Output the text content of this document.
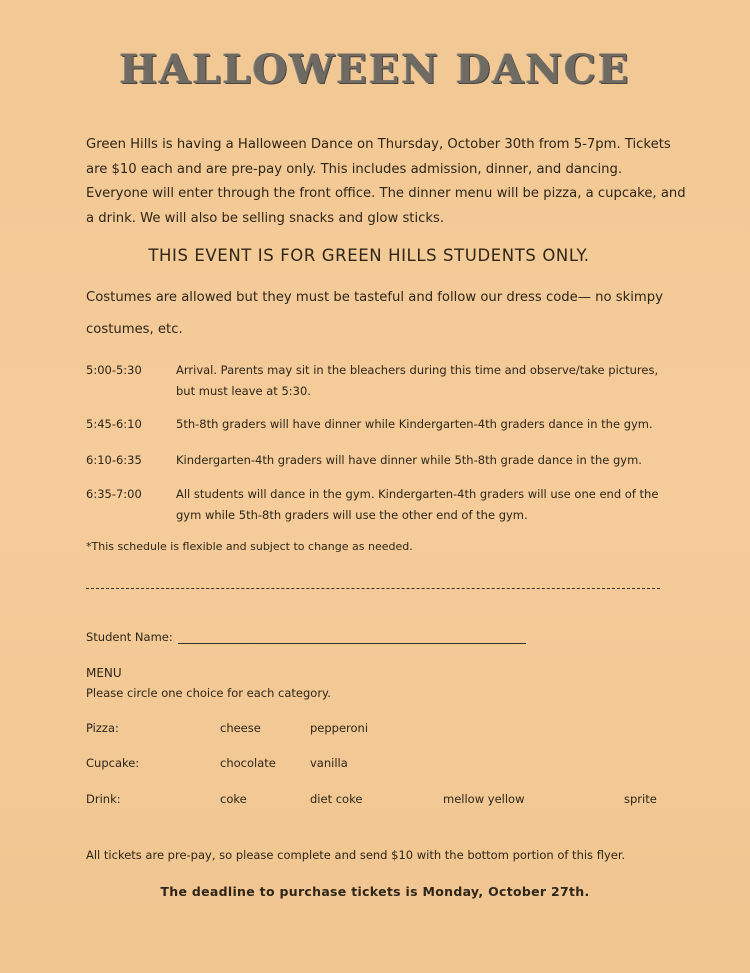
HALLOWEEN DANCE
Green Hills is having a Halloween Dance on Thursday, October 30th from 5-7pm. Tickets are $10 each and are pre-pay only. This includes admission, dinner, and dancing. Everyone will enter through the front office. The dinner menu will be pizza, a cupcake, and a drink. We will also be selling snacks and glow sticks.
THIS EVENT IS FOR GREEN HILLS STUDENTS ONLY.
Costumes are allowed but they must be tasteful and follow our dress code— no skimpy costumes, etc.
5:00-5:30	Arrival. Parents may sit in the bleachers during this time and observe/take pictures, but must leave at 5:30.
5:45-6:10	5th-8th graders will have dinner while Kindergarten-4th graders dance in the gym.
6:10-6:35	Kindergarten-4th graders will have dinner while 5th-8th grade dance in the gym.
6:35-7:00	All students will dance in the gym. Kindergarten-4th graders will use one end of the gym while 5th-8th graders will use the other end of the gym.
*This schedule is flexible and subject to change as needed.
Student Name:
MENU
Please circle one choice for each category.
Pizza:	cheese	pepperoni
Cupcake:	chocolate	vanilla
Drink:	coke	diet coke	mellow yellow	sprite
All tickets are pre-pay, so please complete and send $10 with the bottom portion of this flyer.
The deadline to purchase tickets is Monday, October 27th.
